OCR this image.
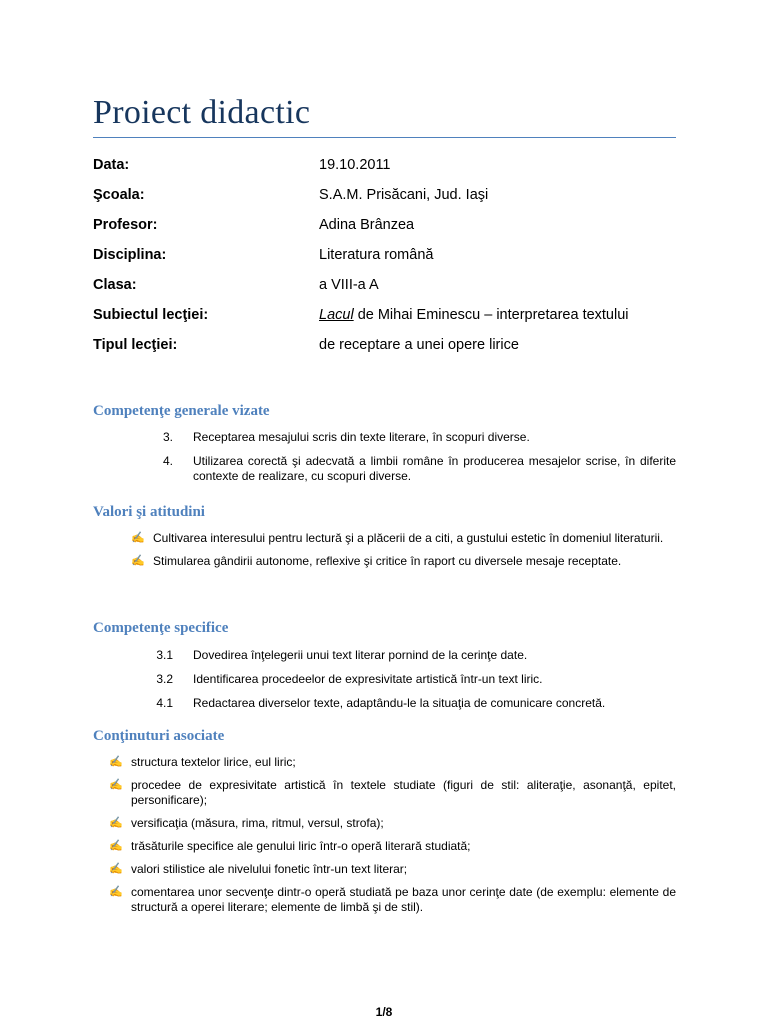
Proiect didactic
Data:	19.10.2011
Şcoala:	S.A.M. Prisăcani, Jud. Iaşi
Profesor:	Adina Brânzea
Disciplina:	Literatura română
Clasa:	a VIII-a A
Subiectul lecţiei:	Lacul de Mihai Eminescu – interpretarea textului
Tipul lecţiei:	de receptare a unei opere lirice
Competenţe generale vizate
3. Receptarea mesajului scris din texte literare, în scopuri diverse.
4. Utilizarea corectă şi adecvată a limbii române în producerea mesajelor scrise, în diferite contexte de realizare, cu scopuri diverse.
Valori şi atitudini
✍ Cultivarea interesului pentru lectură şi a plăcerii de a citi, a gustului estetic în domeniul literaturii.
✍ Stimularea gândirii autonome, reflexive şi critice în raport cu diversele mesaje receptate.
Competenţe specifice
3.1 Dovedirea înţelegerii unui text literar pornind de la cerinţe date.
3.2 Identificarea procedeelor de expresivitate artistică într-un text liric.
4.1 Redactarea diverselor texte, adaptându-le la situaţia de comunicare concretă.
Conţinuturi asociate
✍ structura textelor lirice, eul liric;
✍ procedee de expresivitate artistică în textele studiate (figuri de stil: aliteraţie, asonanţă, epitet, personificare);
✍ versificaţia (măsura, rima, ritmul, versul, strofa);
✍ trăsăturile specifice ale genului liric într-o operă literară studiată;
✍ valori stilistice ale nivelului fonetic într-un text literar;
✍ comentarea unor secvenţe dintr-o operă studiată pe baza unor cerinţe date (de exemplu: elemente de structură a operei literare; elemente de limbă şi de stil).
1/8
